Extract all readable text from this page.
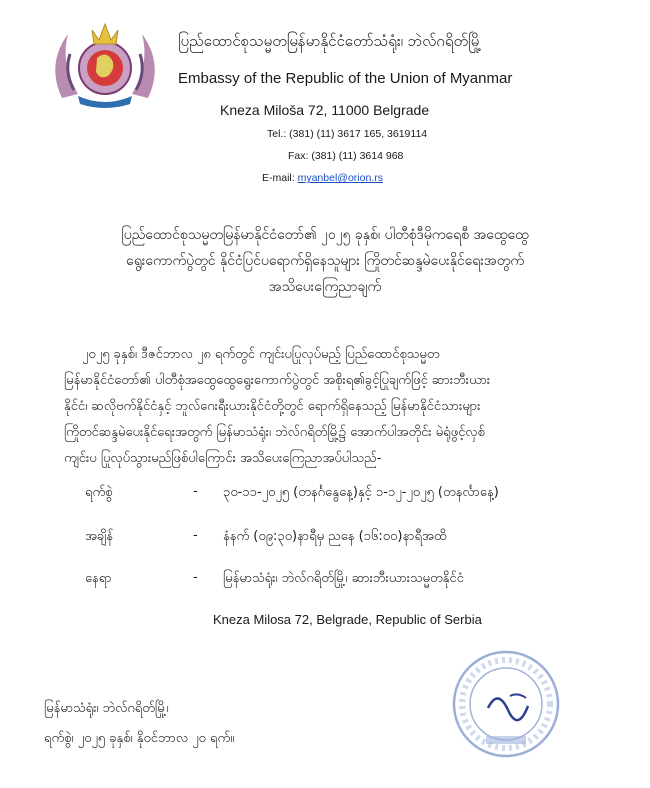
ပြည်ထောင်စုသမ္မတမြန်မာနိုင်ငံတော်သံရုံး၊ ဘဲလ်ဂရိတ်မြို့
Embassy of the Republic of the Union of Myanmar
Kneza Miloša 72, 11000 Belgrade
Tel.: (381) (11) 3617 165, 3619114
Fax: (381) (11) 3614 968
E-mail: myanbel@orion.rs
ပြည်ထောင်စုသမ္မတမြန်မာနိုင်ငံတော်၏ ၂၀၂၅ ခုနှစ်၊ ပါတီစုံဒီမိုကရေစီ အထွေထွေ
ရွေးကောက်ပွဲတွင် နိုင်ငံပြင်ပရောက်ရှိနေသူများ ကြိုတင်ဆန္ဒမဲပေးနိုင်ရေးအတွက်
အသိပေးကြေညာချက်
၂၀၂၅ ခုနှစ်၊ ဒီဇင်ဘာလ ၂၈ ရက်တွင် ကျင်းပပြုလုပ်မည့် ပြည်ထောင်စုသမ္မတ
မြန်မာနိုင်ငံတော်၏ ပါတီစုံအထွေထွေရွေးကောက်ပွဲတွင် အစိုးရ၏ခွင့်ပြုချက်ဖြင့် ဆားဘီးယား
နိုင်ငံ၊ ဆလိုဗက်နိုင်ငံနှင့် ဘူလ်ဂေးရီးယားနိုင်ငံတို့တွင် ရောက်ရှိနေသည့် မြန်မာနိုင်ငံသားများ
ကြိုတင်ဆန္ဒမဲပေးနိုင်ရေးအတွက် မြန်မာသံရုံး၊ ဘဲလ်ဂရိတ်မြို့၌ အောက်ပါအတိုင်း မဲရုံဖွင့်လှစ်
ကျင်းပ ပြုလုပ်သွားမည်ဖြစ်ပါကြောင်း အသိပေးကြေညာအပ်ပါသည်-
ရက်စွဲ	- ၃၀-၁၁-၂၀၂၅ (တနင်္ဂနွေနေ့)နှင့် ၁-၁၂-၂၀၂၅ (တနင်္လာနေ့)
အချိန်	- နံနက် (၀၉:၃၀)နာရီမှ ညနေ (၁၆:၀၀)နာရီအထိ
နေရာ	- မြန်မာသံရုံး၊ ဘဲလ်ဂရိတ်မြို့၊ ဆားဘီးယားသမ္မတနိုင်ငံ
Kneza Milosa 72, Belgrade, Republic of Serbia
မြန်မာသံရုံး၊ ဘဲလ်ဂရိတ်မြို့၊
ရက်စွဲ၊ ၂၀၂၅ ခုနှစ်၊ နိုဝင်ဘာလ ၂၀ ရက်။
